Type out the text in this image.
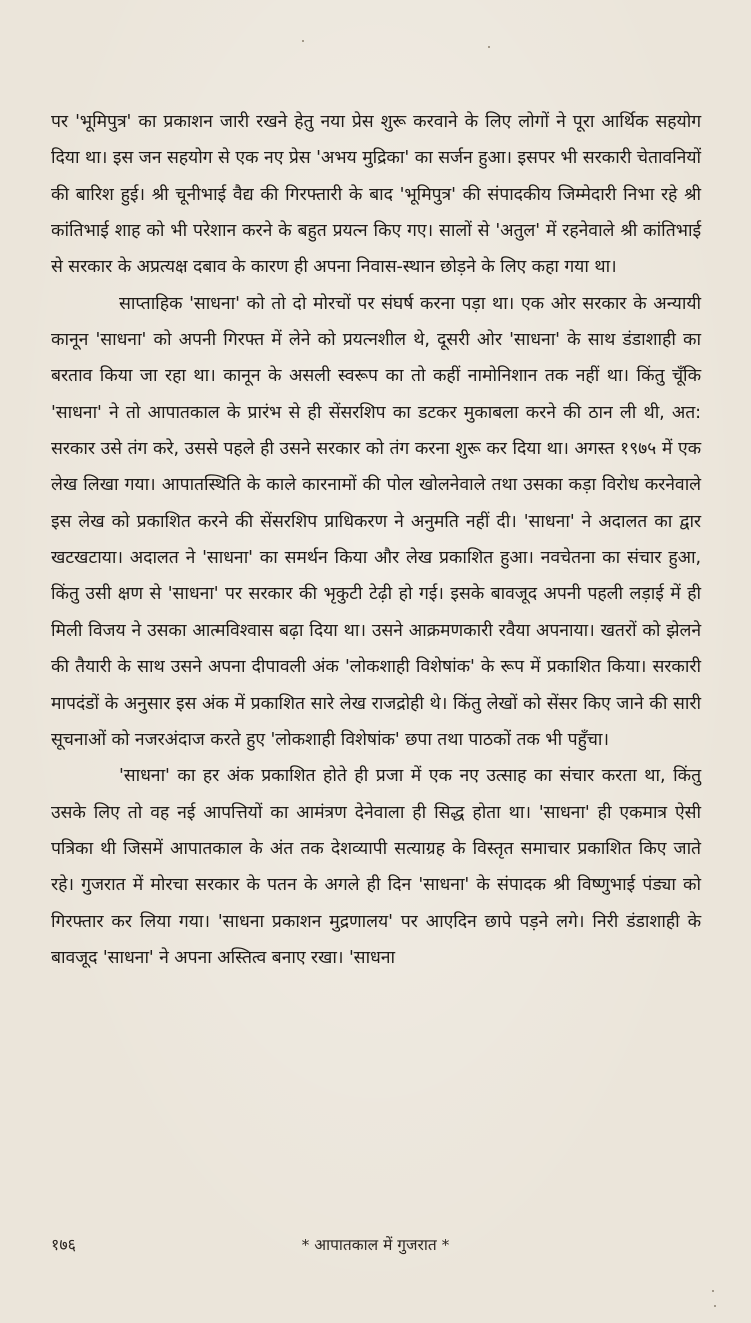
पर 'भूमिपुत्र' का प्रकाशन जारी रखने हेतु नया प्रेस शुरू करवाने के लिए लोगों ने पूरा आर्थिक सहयोग दिया था। इस जन सहयोग से एक नए प्रेस 'अभय मुद्रिका' का सर्जन हुआ। इसपर भी सरकारी चेतावनियों की बारिश हुई। श्री चूनीभाई वैद्य की गिरफ्तारी के बाद 'भूमिपुत्र' की संपादकीय जिम्मेदारी निभा रहे श्री कांतिभाई शाह को भी परेशान करने के बहुत प्रयत्न किए गए। सालों से 'अतुल' में रहनेवाले श्री कांतिभाई से सरकार के अप्रत्यक्ष दबाव के कारण ही अपना निवास-स्थान छोड़ने के लिए कहा गया था।

साप्ताहिक 'साधना' को तो दो मोरचों पर संघर्ष करना पड़ा था। एक ओर सरकार के अन्यायी कानून 'साधना' को अपनी गिरफ्त में लेने को प्रयत्नशील थे, दूसरी ओर 'साधना' के साथ डंडाशाही का बरताव किया जा रहा था। कानून के असली स्वरूप का तो कहीं नामोनिशान तक नहीं था। किंतु चूँकि 'साधना' ने तो आपातकाल के प्रारंभ से ही सेंसरशिप का डटकर मुकाबला करने की ठान ली थी, अत: सरकार उसे तंग करे, उससे पहले ही उसने सरकार को तंग करना शुरू कर दिया था। अगस्त १९७५ में एक लेख लिखा गया। आपातस्थिति के काले कारनामों की पोल खोलनेवाले तथा उसका कड़ा विरोध करनेवाले इस लेख को प्रकाशित करने की सेंसरशिप प्राधिकरण ने अनुमति नहीं दी। 'साधना' ने अदालत का द्वार खटखटाया। अदालत ने 'साधना' का समर्थन किया और लेख प्रकाशित हुआ। नवचेतना का संचार हुआ, किंतु उसी क्षण से 'साधना' पर सरकार की भृकुटी टेढ़ी हो गई। इसके बावजूद अपनी पहली लड़ाई में ही मिली विजय ने उसका आत्मविश्वास बढ़ा दिया था। उसने आक्रमणकारी रवैया अपनाया। खतरों को झेलने की तैयारी के साथ उसने अपना दीपावली अंक 'लोकशाही विशेषांक' के रूप में प्रकाशित किया। सरकारी मापदंडों के अनुसार इस अंक में प्रकाशित सारे लेख राजद्रोही थे। किंतु लेखों को सेंसर किए जाने की सारी सूचनाओं को नजरअंदाज करते हुए 'लोकशाही विशेषांक' छपा तथा पाठकों तक भी पहुँचा।

'साधना' का हर अंक प्रकाशित होते ही प्रजा में एक नए उत्साह का संचार करता था, किंतु उसके लिए तो वह नई आपत्तियों का आमंत्रण देनेवाला ही सिद्ध होता था। 'साधना' ही एकमात्र ऐसी पत्रिका थी जिसमें आपातकाल के अंत तक देशव्यापी सत्याग्रह के विस्तृत समाचार प्रकाशित किए जाते रहे। गुजरात में मोरचा सरकार के पतन के अगले ही दिन 'साधना' के संपादक श्री विष्णुभाई पंड्या को गिरफ्तार कर लिया गया। 'साधना प्रकाशन मुद्रणालय' पर आएदिन छापे पड़ने लगे। निरी डंडाशाही के बावजूद 'साधना' ने अपना अस्तित्व बनाए रखा। 'साधना

* आपातकाल में गुजरात *
१७६
